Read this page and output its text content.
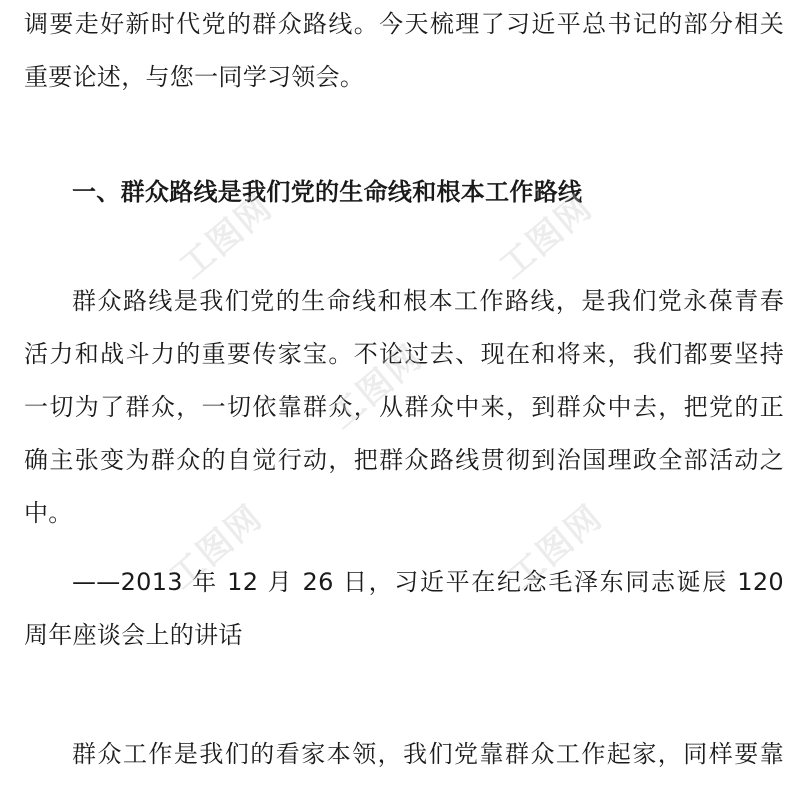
调要走好新时代党的群众路线。今天梳理了习近平总书记的部分相关
重要论述，与您一同学习领会。
一、群众路线是我们党的生命线和根本工作路线
群众路线是我们党的生命线和根本工作路线，是我们党永葆青春
活力和战斗力的重要传家宝。不论过去、现在和将来，我们都要坚持
一切为了群众，一切依靠群众，从群众中来，到群众中去，把党的正
确主张变为群众的自觉行动，把群众路线贯彻到治国理政全部活动之
中。
——2013 年 12 月 26 日，习近平在纪念毛泽东同志诞辰 120
周年座谈会上的讲话
群众工作是我们的看家本领，我们党靠群众工作起家，同样要靠
工图网	工图网
工图网
工图网	工图网
